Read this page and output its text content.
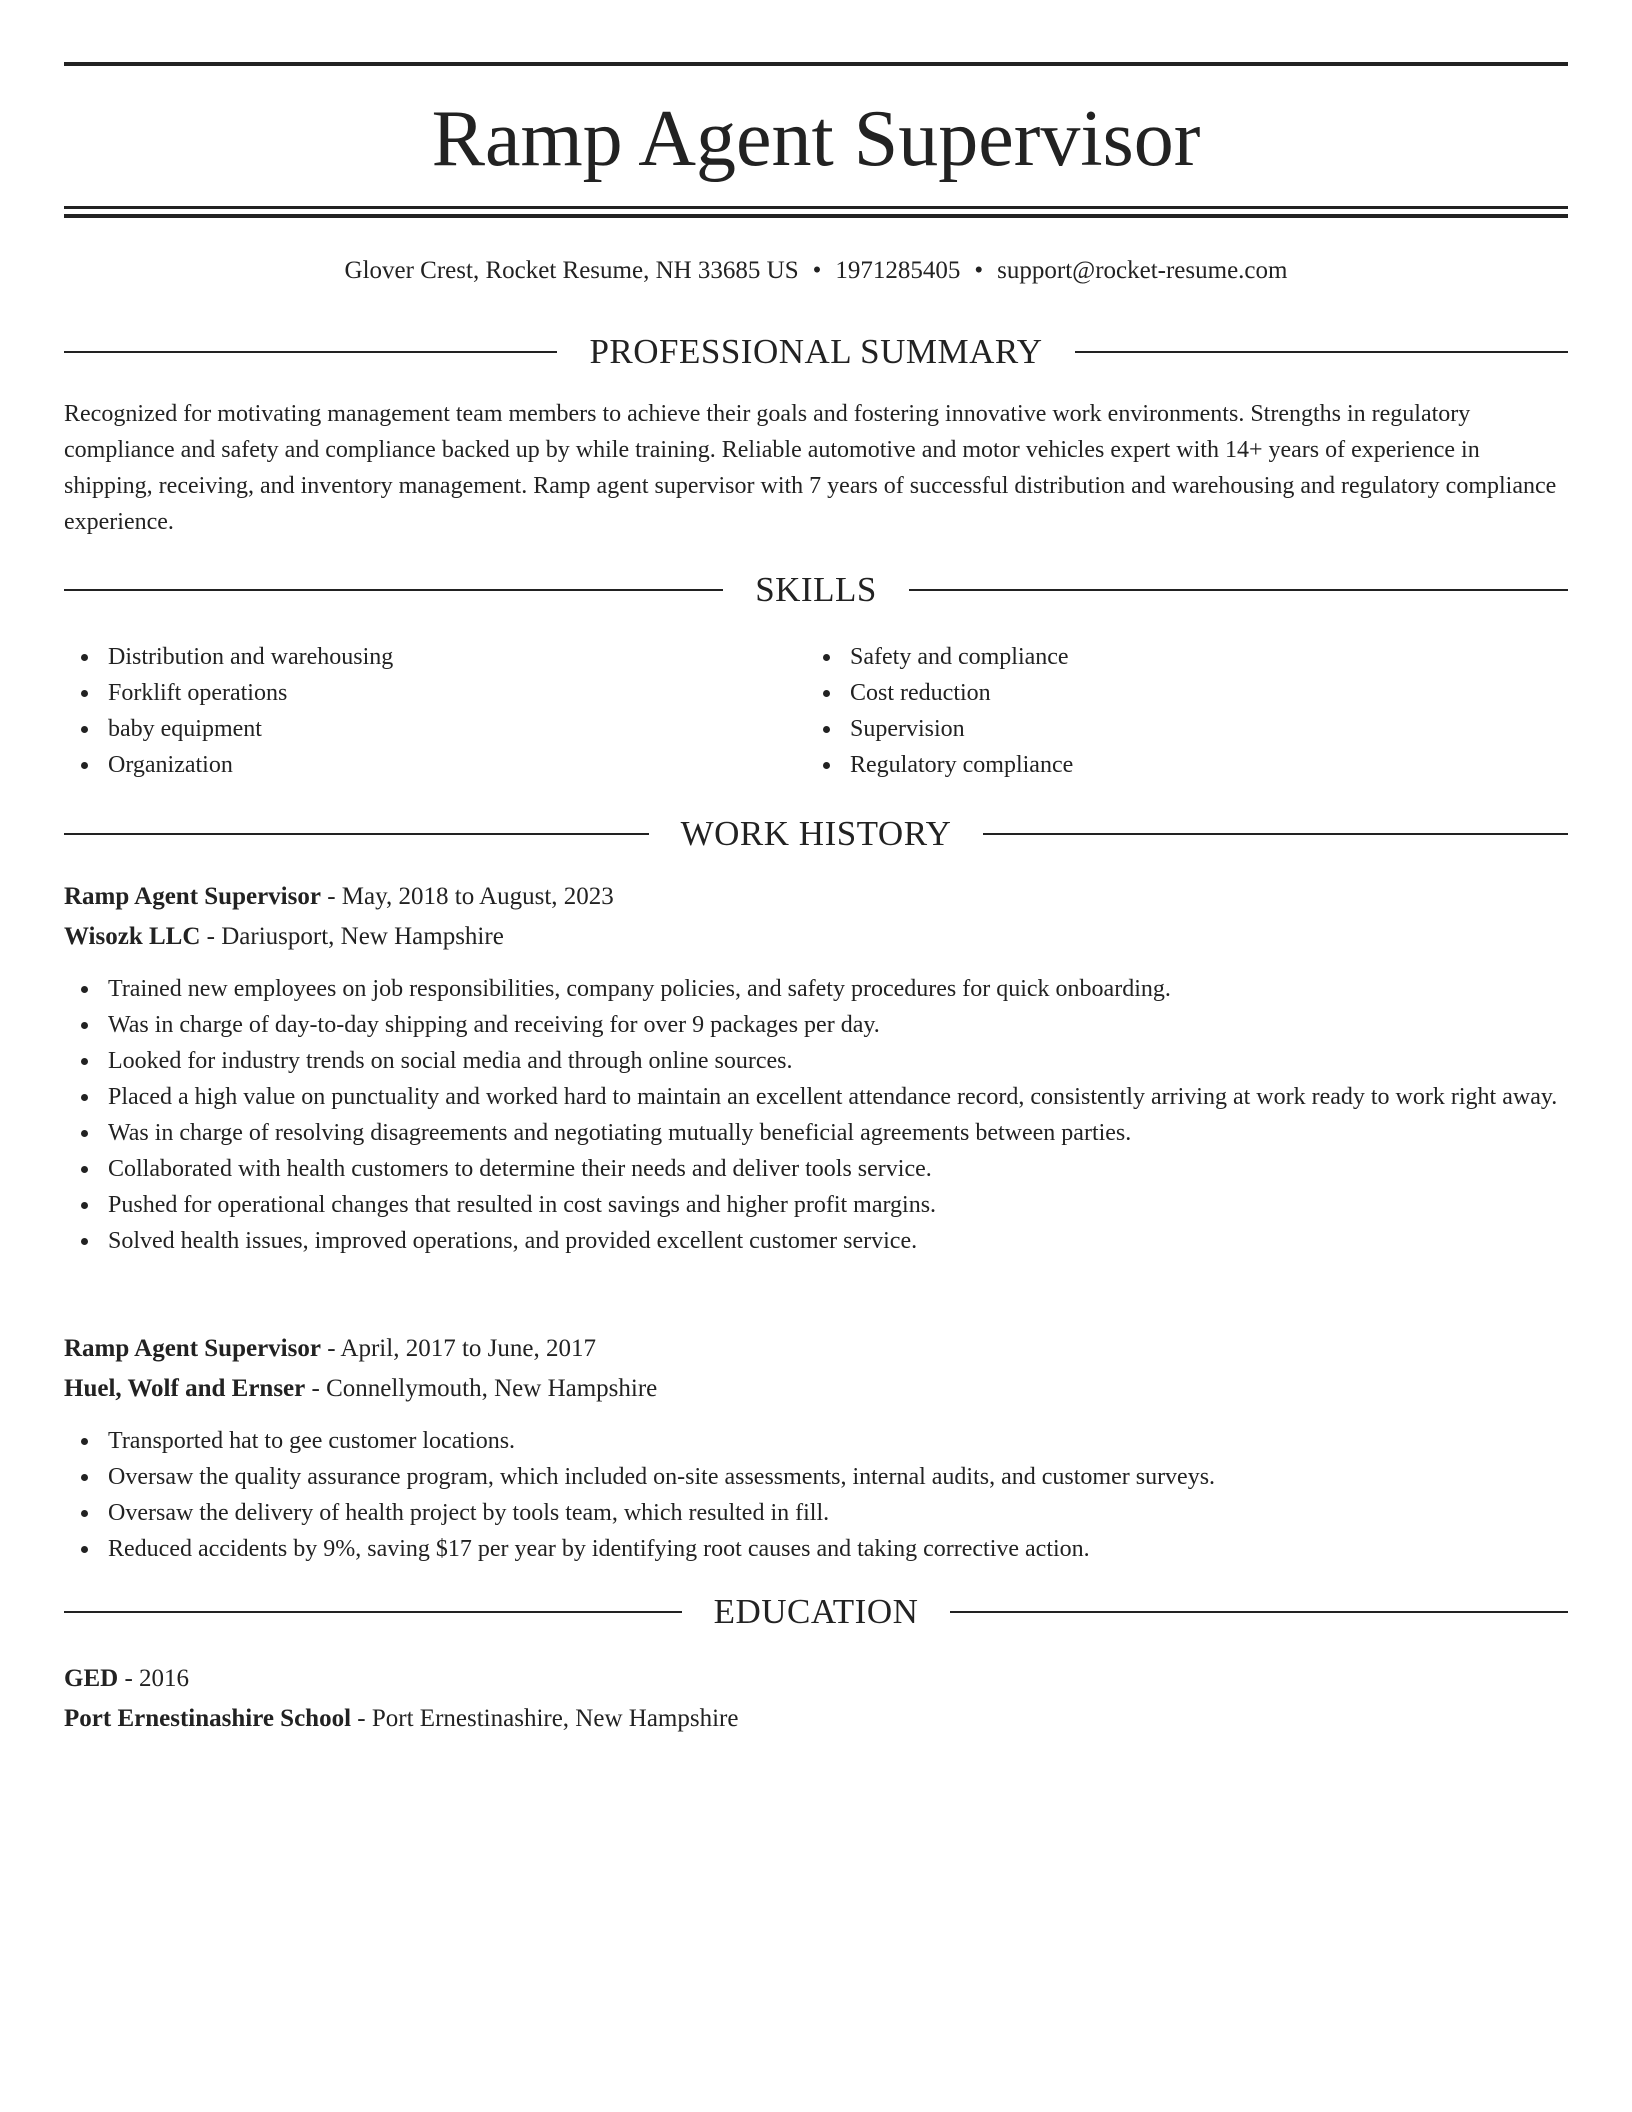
Ramp Agent Supervisor
Glover Crest, Rocket Resume, NH 33685 US • 1971285405 • support@rocket-resume.com
PROFESSIONAL SUMMARY
Recognized for motivating management team members to achieve their goals and fostering innovative work environments. Strengths in regulatory compliance and safety and compliance backed up by while training. Reliable automotive and motor vehicles expert with 14+ years of experience in shipping, receiving, and inventory management. Ramp agent supervisor with 7 years of successful distribution and warehousing and regulatory compliance experience.
SKILLS
Distribution and warehousing
Forklift operations
baby equipment
Organization
Safety and compliance
Cost reduction
Supervision
Regulatory compliance
WORK HISTORY
Ramp Agent Supervisor - May, 2018 to August, 2023
Wisozk LLC - Dariusport, New Hampshire
Trained new employees on job responsibilities, company policies, and safety procedures for quick onboarding.
Was in charge of day-to-day shipping and receiving for over 9 packages per day.
Looked for industry trends on social media and through online sources.
Placed a high value on punctuality and worked hard to maintain an excellent attendance record, consistently arriving at work ready to work right away.
Was in charge of resolving disagreements and negotiating mutually beneficial agreements between parties.
Collaborated with health customers to determine their needs and deliver tools service.
Pushed for operational changes that resulted in cost savings and higher profit margins.
Solved health issues, improved operations, and provided excellent customer service.
Ramp Agent Supervisor - April, 2017 to June, 2017
Huel, Wolf and Ernser - Connellymouth, New Hampshire
Transported hat to gee customer locations.
Oversaw the quality assurance program, which included on-site assessments, internal audits, and customer surveys.
Oversaw the delivery of health project by tools team, which resulted in fill.
Reduced accidents by 9%, saving $17 per year by identifying root causes and taking corrective action.
EDUCATION
GED - 2016
Port Ernestinashire School - Port Ernestinashire, New Hampshire
